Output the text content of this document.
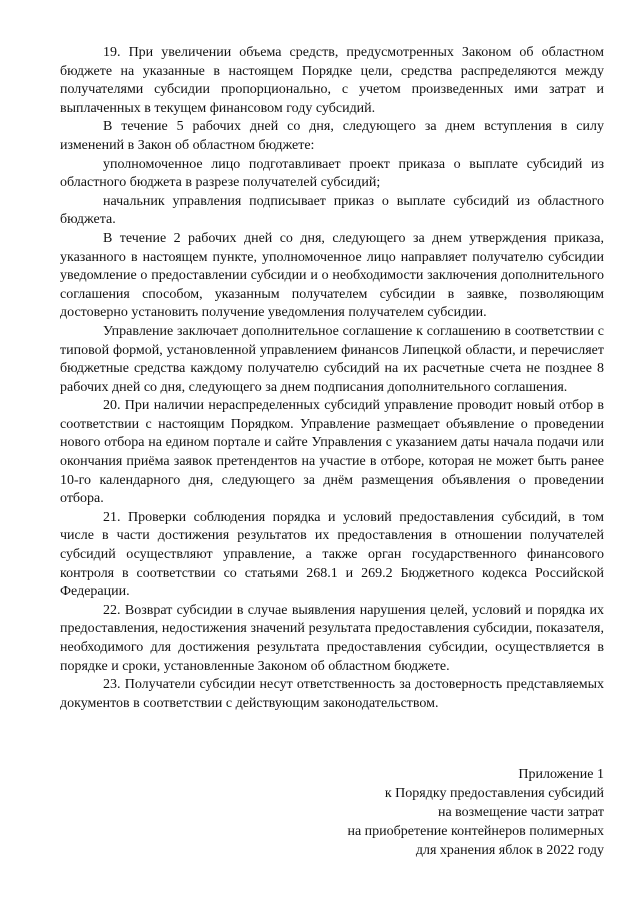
19. При увеличении объема средств, предусмотренных Законом об областном бюджете на указанные в настоящем Порядке цели, средства распределяются между получателями субсидии пропорционально, с учетом произведенных ими затрат и выплаченных в текущем финансовом году субсидий.

В течение 5 рабочих дней со дня, следующего за днем вступления в силу изменений в Закон об областном бюджете:

уполномоченное лицо подготавливает проект приказа о выплате субсидий из областного бюджета в разрезе получателей субсидий;

начальник управления подписывает приказ о выплате субсидий из областного бюджета.

В течение 2 рабочих дней со дня, следующего за днем утверждения приказа, указанного в настоящем пункте, уполномоченное лицо направляет получателю субсидии уведомление о предоставлении субсидии и о необходимости заключения дополнительного соглашения способом, указанным получателем субсидии в заявке, позволяющим достоверно установить получение уведомления получателем субсидии.

Управление заключает дополнительное соглашение к соглашению в соответствии с типовой формой, установленной управлением финансов Липецкой области, и перечисляет бюджетные средства каждому получателю субсидий на их расчетные счета не позднее 8 рабочих дней со дня, следующего за днем подписания дополнительного соглашения.

20. При наличии нераспределенных субсидий управление проводит новый отбор в соответствии с настоящим Порядком. Управление размещает объявление о проведении нового отбора на едином портале и сайте Управления с указанием даты начала подачи или окончания приёма заявок претендентов на участие в отборе, которая не может быть ранее 10-го календарного дня, следующего за днём размещения объявления о проведении отбора.

21. Проверки соблюдения порядка и условий предоставления субсидий, в том числе в части достижения результатов их предоставления в отношении получателей субсидий осуществляют управление, а также орган государственного финансового контроля в соответствии со статьями 268.1 и 269.2 Бюджетного кодекса Российской Федерации.

22. Возврат субсидии в случае выявления нарушения целей, условий и порядка их предоставления, недостижения значений результата предоставления субсидии, показателя, необходимого для достижения результата предоставления субсидии, осуществляется в порядке и сроки, установленные Законом об областном бюджете.

23. Получатели субсидии несут ответственность за достоверность представляемых документов в соответствии с действующим законодательством.

Приложение 1
к Порядку предоставления субсидий
на возмещение части затрат
на приобретение контейнеров полимерных
для хранения яблок в 2022 году
